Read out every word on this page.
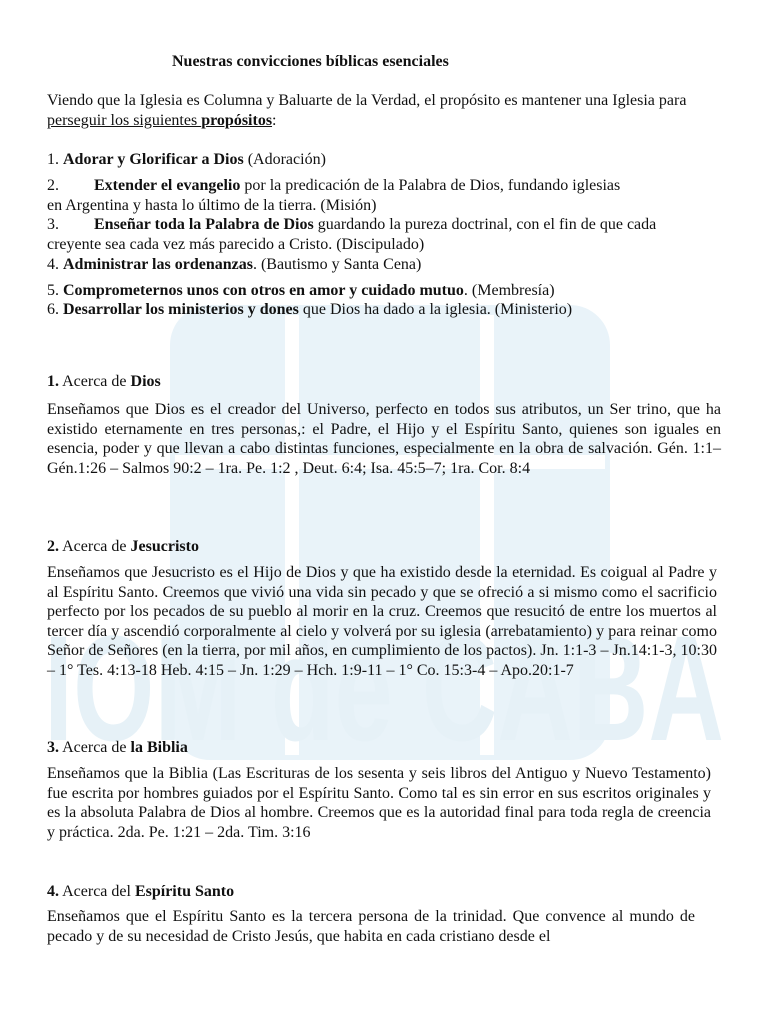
IOM de CABA

Nuestras convicciones bíblicas esenciales

Viendo que la Iglesia es Columna y Baluarte de la Verdad, el propósito es mantener una Iglesia para perseguir los siguientes propósitos:

1. Adorar y Glorificar a Dios (Adoración)

2. Extender el evangelio por la predicación de la Palabra de Dios, fundando iglesias en Argentina y hasta lo último de la tierra. (Misión)

3. Enseñar toda la Palabra de Dios guardando la pureza doctrinal, con el fin de que cada creyente sea cada vez más parecido a Cristo. (Discipulado)

4. Administrar las ordenanzas. (Bautismo y Santa Cena)

5. Comprometernos unos con otros en amor y cuidado mutuo. (Membresía)

6. Desarrollar los ministerios y dones que Dios ha dado a la iglesia. (Ministerio)

1. Acerca de Dios

Enseñamos que Dios es el creador del Universo, perfecto en todos sus atributos, un Ser trino, que ha existido eternamente en tres personas,: el Padre, el Hijo y el Espíritu Santo, quienes son iguales en esencia, poder y que llevan a cabo distintas funciones, especialmente en la obra de salvación. Gén. 1:1– Gén.1:26 – Salmos 90:2 – 1ra. Pe. 1:2 , Deut. 6:4; Isa. 45:5–7; 1ra. Cor. 8:4

2. Acerca de Jesucristo

Enseñamos que Jesucristo es el Hijo de Dios y que ha existido desde la eternidad. Es coigual al Padre y al Espíritu Santo. Creemos que vivió una vida sin pecado y que se ofreció a si mismo como el sacrificio perfecto por los pecados de su pueblo al morir en la cruz. Creemos que resucitó de entre los muertos al tercer día y ascendió corporalmente al cielo y volverá por su iglesia (arrebatamiento) y para reinar como Señor de Señores (en la tierra, por mil años, en cumplimiento de los pactos). Jn. 1:1-3 – Jn.14:1-3, 10:30 – 1° Tes. 4:13-18 Heb. 4:15 – Jn. 1:29 – Hch. 1:9-11 – 1° Co. 15:3-4 – Apo.20:1-7

3. Acerca de la Biblia

Enseñamos que la Biblia (Las Escrituras de los sesenta y seis libros del Antiguo y Nuevo Testamento) fue escrita por hombres guiados por el Espíritu Santo. Como tal es sin error en sus escritos originales y es la absoluta Palabra de Dios al hombre. Creemos que es la autoridad final para toda regla de creencia y práctica. 2da. Pe. 1:21 – 2da. Tim. 3:16

4. Acerca del Espíritu Santo

Enseñamos que el Espíritu Santo es la tercera persona de la trinidad. Que convence al mundo de pecado y de su necesidad de Cristo Jesús, que habita en cada cristiano desde el
